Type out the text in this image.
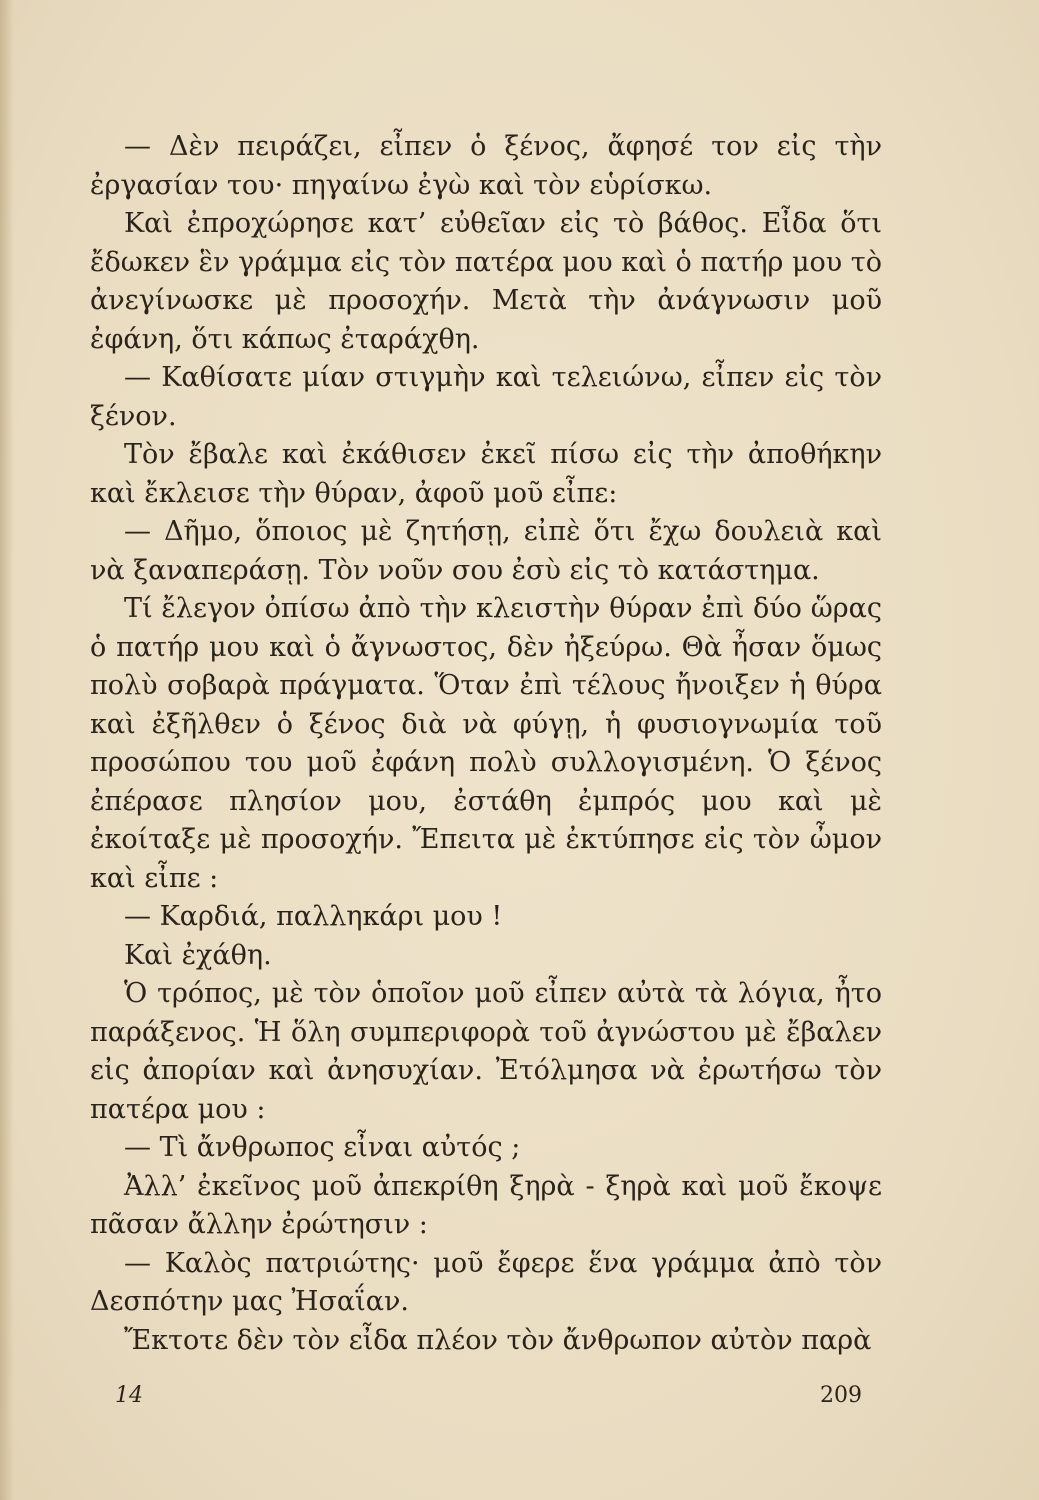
— Δὲν πειράζει, εἶπεν ὁ ξένος, ἄφησέ τον εἰς τὴν ἐργασίαν του· πηγαίνω ἐγὼ καὶ τὸν εὑρίσκω.

Καὶ ἐπροχώρησε κατ’ εὐθεῖαν εἰς τὸ βάθος. Εἶδα ὅτι ἔδωκεν ἓν γράμμα εἰς τὸν πατέρα μου καὶ ὁ πατήρ μου τὸ ἀνεγίνωσκε μὲ προσοχήν. Μετὰ τὴν ἀνάγνωσιν μοῦ ἐφάνη, ὅτι κάπως ἐταράχθη.

— Καθίσατε μίαν στιγμὴν καὶ τελειώνω, εἶπεν εἰς τὸν ξένον.

Τὸν ἔβαλε καὶ ἐκάθισεν ἐκεῖ πίσω εἰς τὴν ἀποθήκην καὶ ἔκλεισε τὴν θύραν, ἀφοῦ μοῦ εἶπε:

— Δῆμο, ὅποιος μὲ ζητήσῃ, εἰπὲ ὅτι ἔχω δουλειὰ καὶ νὰ ξαναπεράσῃ. Τὸν νοῦν σου ἐσὺ εἰς τὸ κατάστημα.

Τί ἔλεγον ὀπίσω ἀπὸ τὴν κλειστὴν θύραν ἐπὶ δύο ὥρας ὁ πατήρ μου καὶ ὁ ἄγνωστος, δὲν ἠξεύρω. Θὰ ἦσαν ὅμως πολὺ σοβαρὰ πράγματα. Ὅταν ἐπὶ τέλους ἤνοιξεν ἡ θύρα καὶ ἐξῆλθεν ὁ ξένος διὰ νὰ φύγῃ, ἡ φυσιογνωμία τοῦ προσώπου του μοῦ ἐφάνη πολὺ συλλογισμένη. Ὁ ξένος ἐπέρασε πλησίον μου, ἐστάθη ἐμπρός μου καὶ μὲ ἐκοίταξε μὲ προσοχήν. Ἔπειτα μὲ ἐκτύπησε εἰς τὸν ὦμον καὶ εἶπε :

— Καρδιά, παλληκάρι μου !

Καὶ ἐχάθη.

Ὁ τρόπος, μὲ τὸν ὁποῖον μοῦ εἶπεν αὐτὰ τὰ λόγια, ἦτο παράξενος. Ἡ ὅλη συμπεριφορὰ τοῦ ἀγνώστου μὲ ἔβαλεν εἰς ἀπορίαν καὶ ἀνησυχίαν. Ἐτόλμησα νὰ ἐρωτήσω τὸν πατέρα μου :

— Τὶ ἄνθρωπος εἶναι αὐτός ;

Ἀλλ’ ἐκεῖνος μοῦ ἀπεκρίθη ξηρὰ - ξηρὰ καὶ μοῦ ἔκοψε πᾶσαν ἄλλην ἐρώτησιν :

— Καλὸς πατριώτης· μοῦ ἔφερε ἕνα γράμμα ἀπὸ τὸν Δεσπότην μας Ἠσαΐαν.

Ἔκτοτε δὲν τὸν εἶδα πλέον τὸν ἄνθρωπον αὐτὸν παρὰ

14	209
